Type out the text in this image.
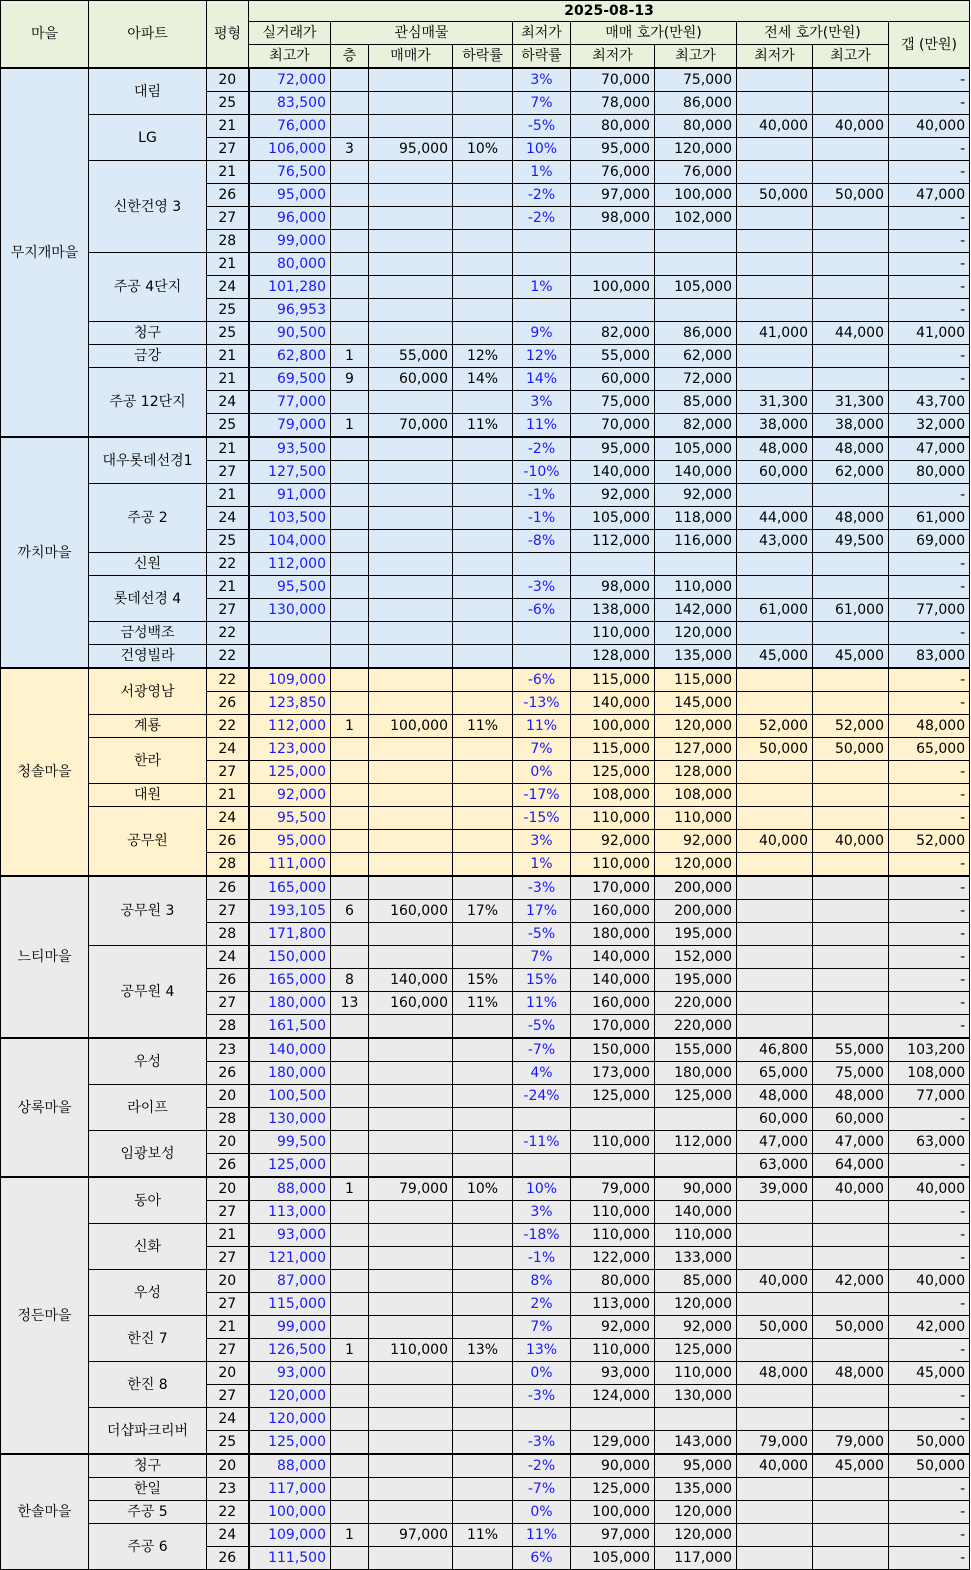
마을	아파트	평형	2025-08-13									
			실거래가	관심매물			최저가	매매 호가(만원)		전세 호가(만원)		갭 (만원)
			최고가	층	매매가	하락률	하락률	최저가	최고가	최저가	최고가	
무지개마을	대림	20	72,000				3%	70,000	75,000			-
		25	83,500				7%	78,000	86,000			-
	LG	21	76,000				-5%	80,000	80,000	40,000	40,000	40,000
		27	106,000	3	95,000	10%	10%	95,000	120,000			-
	신한건영 3	21	76,500				1%	76,000	76,000			-
		26	95,000				-2%	97,000	100,000	50,000	50,000	47,000
		27	96,000				-2%	98,000	102,000			-
		28	99,000									-
	주공 4단지	21	80,000									-
		24	101,280				1%	100,000	105,000			-
		25	96,953									-
	청구	25	90,500				9%	82,000	86,000	41,000	44,000	41,000
	금강	21	62,800	1	55,000	12%	12%	55,000	62,000			-
	주공 12단지	21	69,500	9	60,000	14%	14%	60,000	72,000			-
		24	77,000				3%	75,000	85,000	31,300	31,300	43,700
		25	79,000	1	70,000	11%	11%	70,000	82,000	38,000	38,000	32,000
까치마을	대우롯데선경1	21	93,500				-2%	95,000	105,000	48,000	48,000	47,000
		27	127,500				-10%	140,000	140,000	60,000	62,000	80,000
	주공 2	21	91,000				-1%	92,000	92,000			-
		24	103,500				-1%	105,000	118,000	44,000	48,000	61,000
		25	104,000				-8%	112,000	116,000	43,000	49,500	69,000
	신원	22	112,000									-
	롯데선경 4	21	95,500				-3%	98,000	110,000			-
		27	130,000				-6%	138,000	142,000	61,000	61,000	77,000
	금성백조	22						110,000	120,000			-
	건영빌라	22						128,000	135,000	45,000	45,000	83,000
청솔마을	서광영남	22	109,000				-6%	115,000	115,000			-
		26	123,850				-13%	140,000	145,000			-
	계룡	22	112,000	1	100,000	11%	11%	100,000	120,000	52,000	52,000	48,000
	한라	24	123,000				7%	115,000	127,000	50,000	50,000	65,000
		27	125,000				0%	125,000	128,000			-
	대원	21	92,000				-17%	108,000	108,000			-
	공무원	24	95,500				-15%	110,000	110,000			-
		26	95,000				3%	92,000	92,000	40,000	40,000	52,000
		28	111,000				1%	110,000	120,000			-
느티마을	공무원 3	26	165,000				-3%	170,000	200,000			-
		27	193,105	6	160,000	17%	17%	160,000	200,000			-
		28	171,800				-5%	180,000	195,000			-
	공무원 4	24	150,000				7%	140,000	152,000			-
		26	165,000	8	140,000	15%	15%	140,000	195,000			-
		27	180,000	13	160,000	11%	11%	160,000	220,000			-
		28	161,500				-5%	170,000	220,000			-
상록마을	우성	23	140,000				-7%	150,000	155,000	46,800	55,000	103,200
		26	180,000				4%	173,000	180,000	65,000	75,000	108,000
	라이프	20	100,500				-24%	125,000	125,000	48,000	48,000	77,000
		28	130,000							60,000	60,000	-
	임광보성	20	99,500				-11%	110,000	112,000	47,000	47,000	63,000
		26	125,000							63,000	64,000	-
정든마을	동아	20	88,000	1	79,000	10%	10%	79,000	90,000	39,000	40,000	40,000
		27	113,000				3%	110,000	140,000			-
	신화	21	93,000				-18%	110,000	110,000			-
		27	121,000				-1%	122,000	133,000			-
	우성	20	87,000				8%	80,000	85,000	40,000	42,000	40,000
		27	115,000				2%	113,000	120,000			-
	한진 7	21	99,000				7%	92,000	92,000	50,000	50,000	42,000
		27	126,500	1	110,000	13%	13%	110,000	125,000			-
	한진 8	20	93,000				0%	93,000	110,000	48,000	48,000	45,000
		27	120,000				-3%	124,000	130,000			-
	더샵파크리버	24	120,000									-
		25	125,000				-3%	129,000	143,000	79,000	79,000	50,000
한솔마을	청구	20	88,000				-2%	90,000	95,000	40,000	45,000	50,000
	한일	23	117,000				-7%	125,000	135,000			-
	주공 5	22	100,000				0%	100,000	120,000			-
	주공 6	24	109,000	1	97,000	11%	11%	97,000	120,000			-
		26	111,500				6%	105,000	117,000			-
